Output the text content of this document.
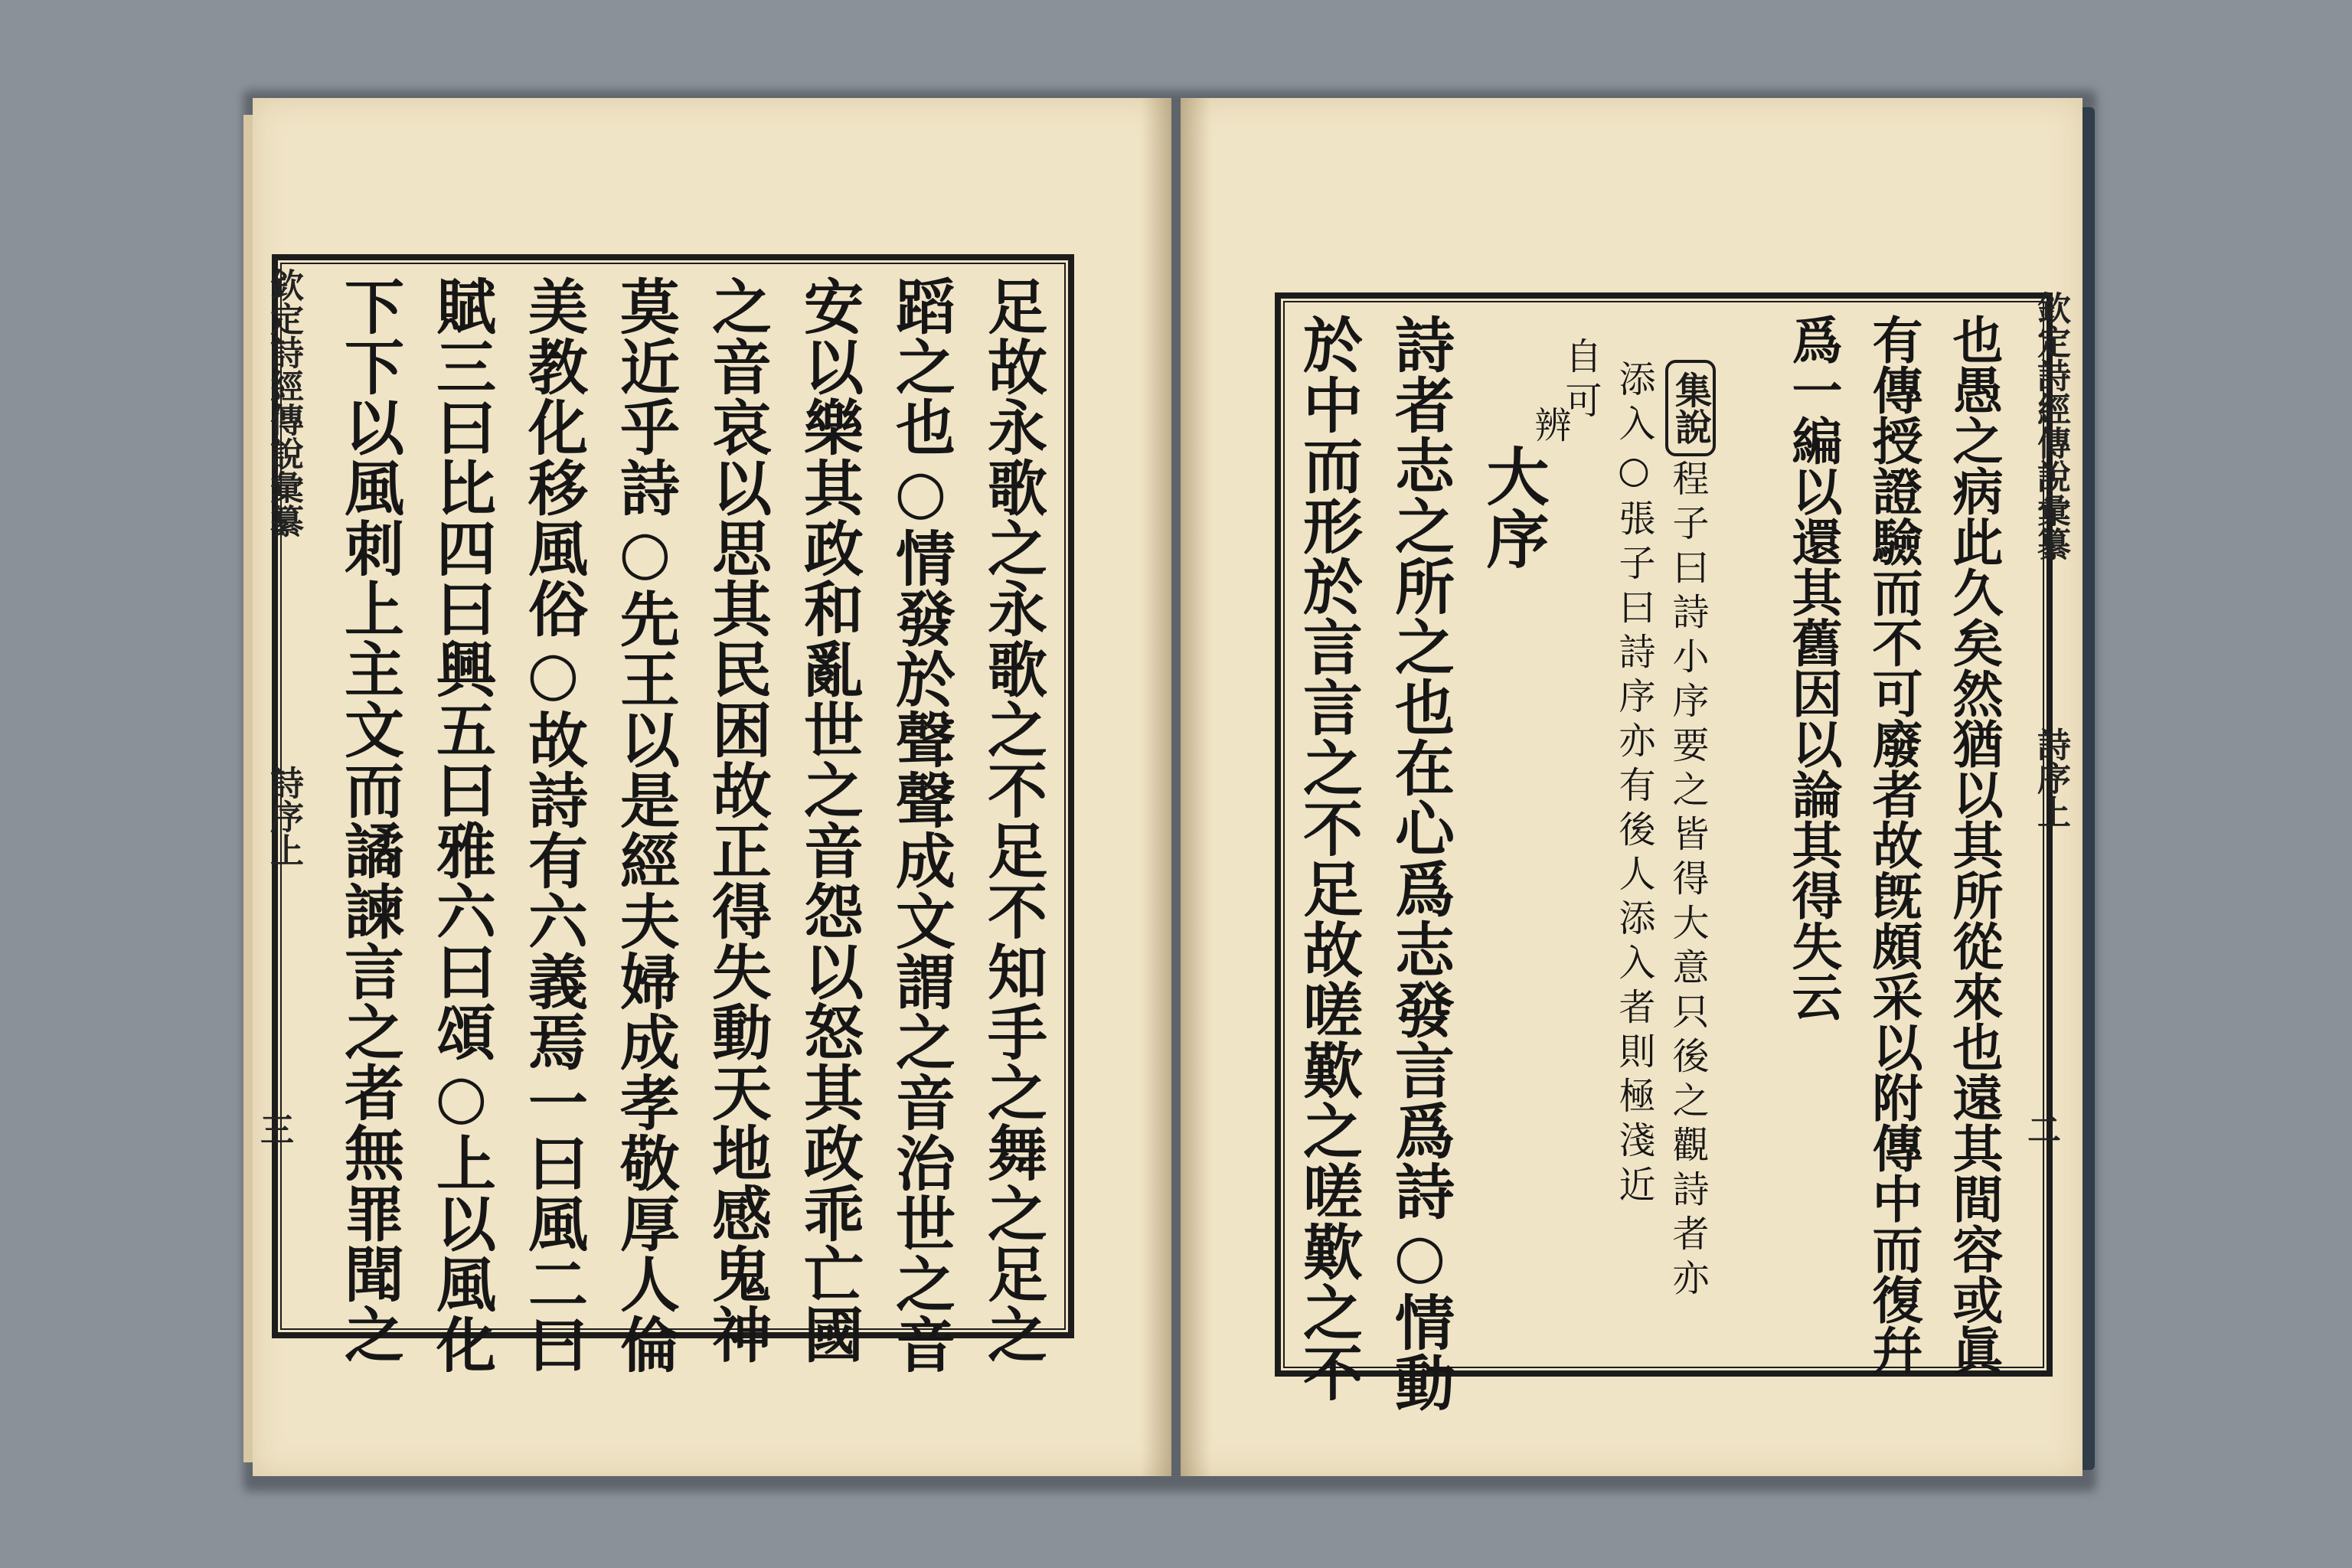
欽定詩經傳說彙纂
詩序上
三	足故永歌之永歌之不足不知手之舞之足之
蹈之也○情發於聲聲成文謂之音治世之音
安以樂其政和亂世之音怨以怒其政乖亡國
之音哀以思其民困故正得失動天地感鬼神
莫近乎詩○先王以是經夫婦成孝敬厚人倫
美教化移風俗○故詩有六義焉一曰風二曰
賦三曰比四曰興五曰雅六曰頌○上以風化
下下以風刺上主文而譎諫言之者無罪聞之	欽定詩經傳說彙纂
詩序上
二
也愚之病此久矣然猶以其所從來也遠其間容或眞
有傳授證驗而不可廢者故旣頗采以附傳中而復幷
爲一編以還其舊因以論其得失云
集說
程子曰詩小序要之皆得大意只後之觀詩者亦
添入○張子曰詩序亦有後人添入者則極淺近
自可
辨
大序
詩者志之所之也在心爲志發言爲詩○情動
於中而形於言言之不足故嗟歎之嗟歎之不
